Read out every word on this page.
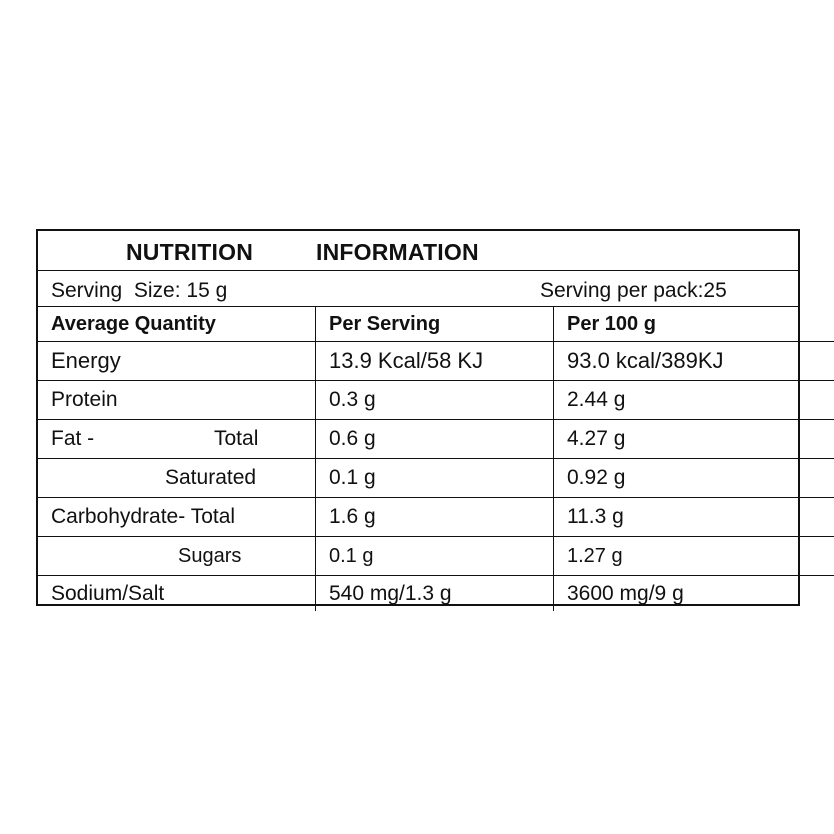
NUTRITION	INFORMATION
Serving  Size: 15 g	Serving per pack:25
Average Quantity	Per Serving	Per 100 g
Energy	13.9 Kcal/58 KJ	93.0 kcal/389KJ
Protein	0.3 g	2.44 g

Fat - Total	0.6 g	4.27 g
Saturated	0.1 g	0.92 g
Carbohydrate- Total	1.6 g	11.3 g
Sugars	0.1 g	1.27 g
Sodium/Salt	540 mg/1.3 g	3600 mg/9 g
